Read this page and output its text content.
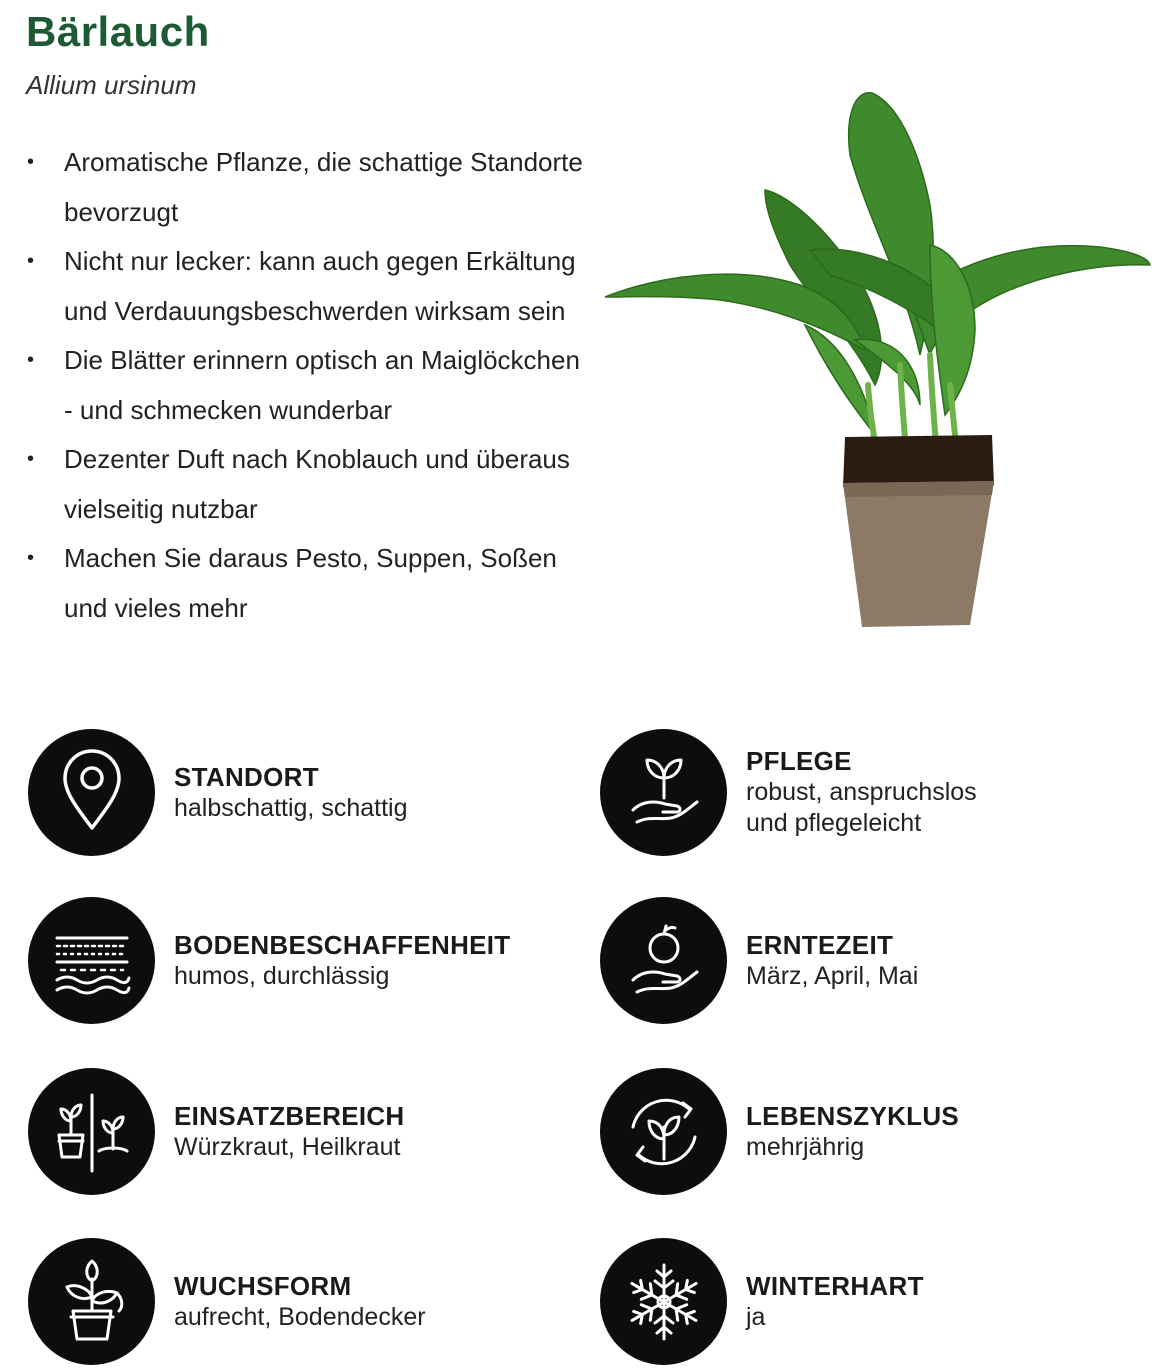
Bärlauch
Allium ursinum
• Aromatische Pflanze, die schattige Standorte bevorzugt
• Nicht nur lecker: kann auch gegen Erkältung und Verdauungsbeschwerden wirksam sein
• Die Blätter erinnern optisch an Maiglöckchen - und schmecken wunderbar
• Dezenter Duft nach Knoblauch und überaus vielseitig nutzbar
• Machen Sie daraus Pesto, Suppen, Soßen und vieles mehr
STANDORT
halbschattig, schattig
PFLEGE
robust, anspruchslos
und pflegeleicht
BODENBESCHAFFENHEIT
humos, durchlässig
ERNTEZEIT
März, April, Mai
EINSATZBEREICH
Würzkraut, Heilkraut
LEBENSZYKLUS
mehrjährig
WUCHSFORM
aufrecht, Bodendecker
WINTERHART
ja
